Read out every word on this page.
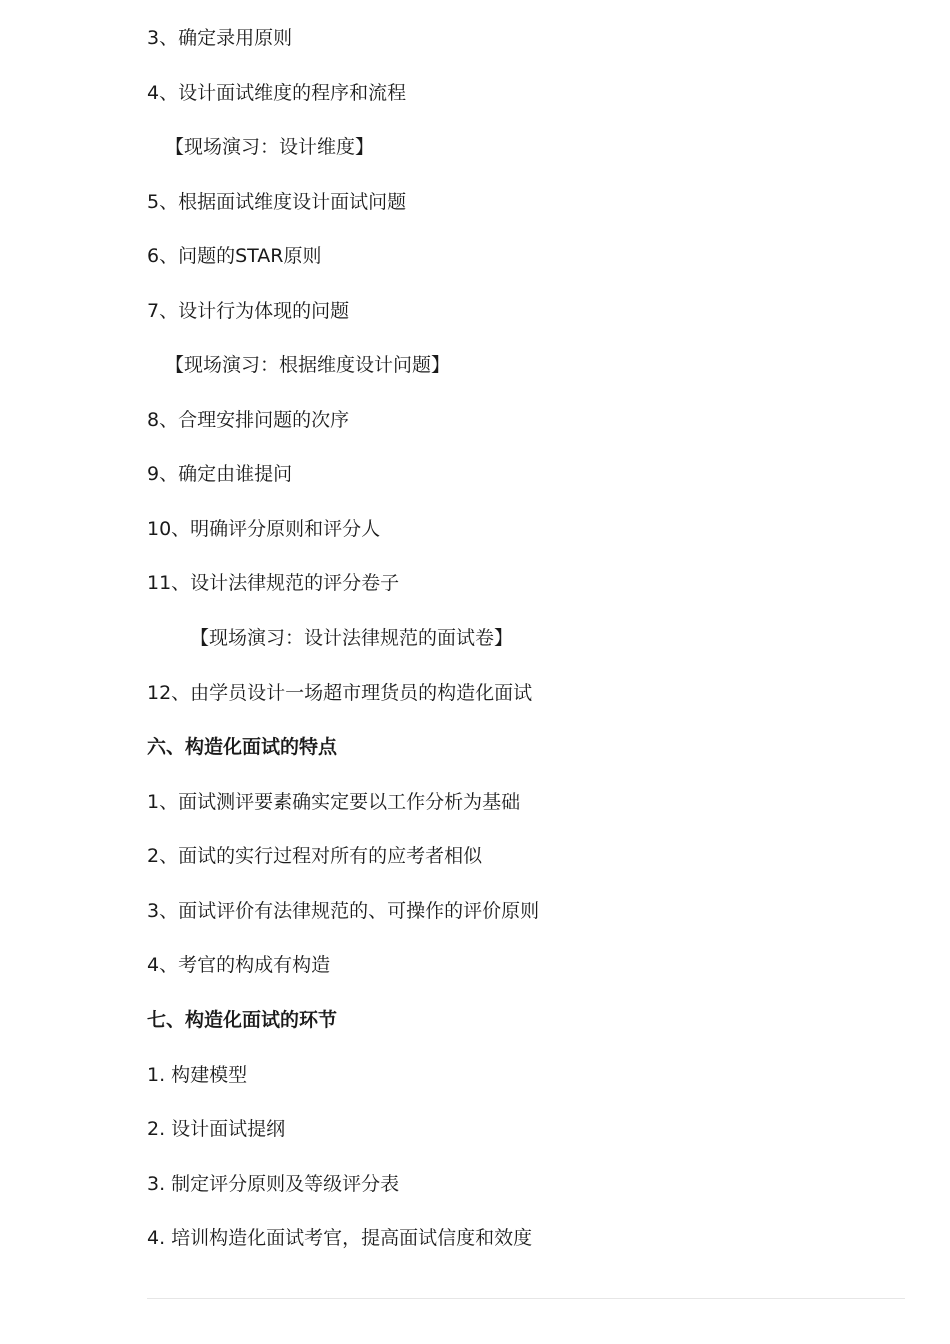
3、确定录用原则
4、设计面试维度的程序和流程
【现场演习：设计维度】
5、根据面试维度设计面试问题
6、问题的STAR原则
7、设计行为体现的问题
【现场演习：根据维度设计问题】
8、合理安排问题的次序
9、确定由谁提问
10、明确评分原则和评分人
11、设计法律规范的评分卷子
【现场演习：设计法律规范的面试卷】
12、由学员设计一场超市理货员的构造化面试
六、构造化面试的特点
1、面试测评要素确实定要以工作分析为基础
2、面试的实行过程对所有的应考者相似
3、面试评价有法律规范的、可操作的评价原则
4、考官的构成有构造
七、构造化面试的环节
1. 构建模型
2. 设计面试提纲
3. 制定评分原则及等级评分表
4. 培训构造化面试考官，提高面试信度和效度
